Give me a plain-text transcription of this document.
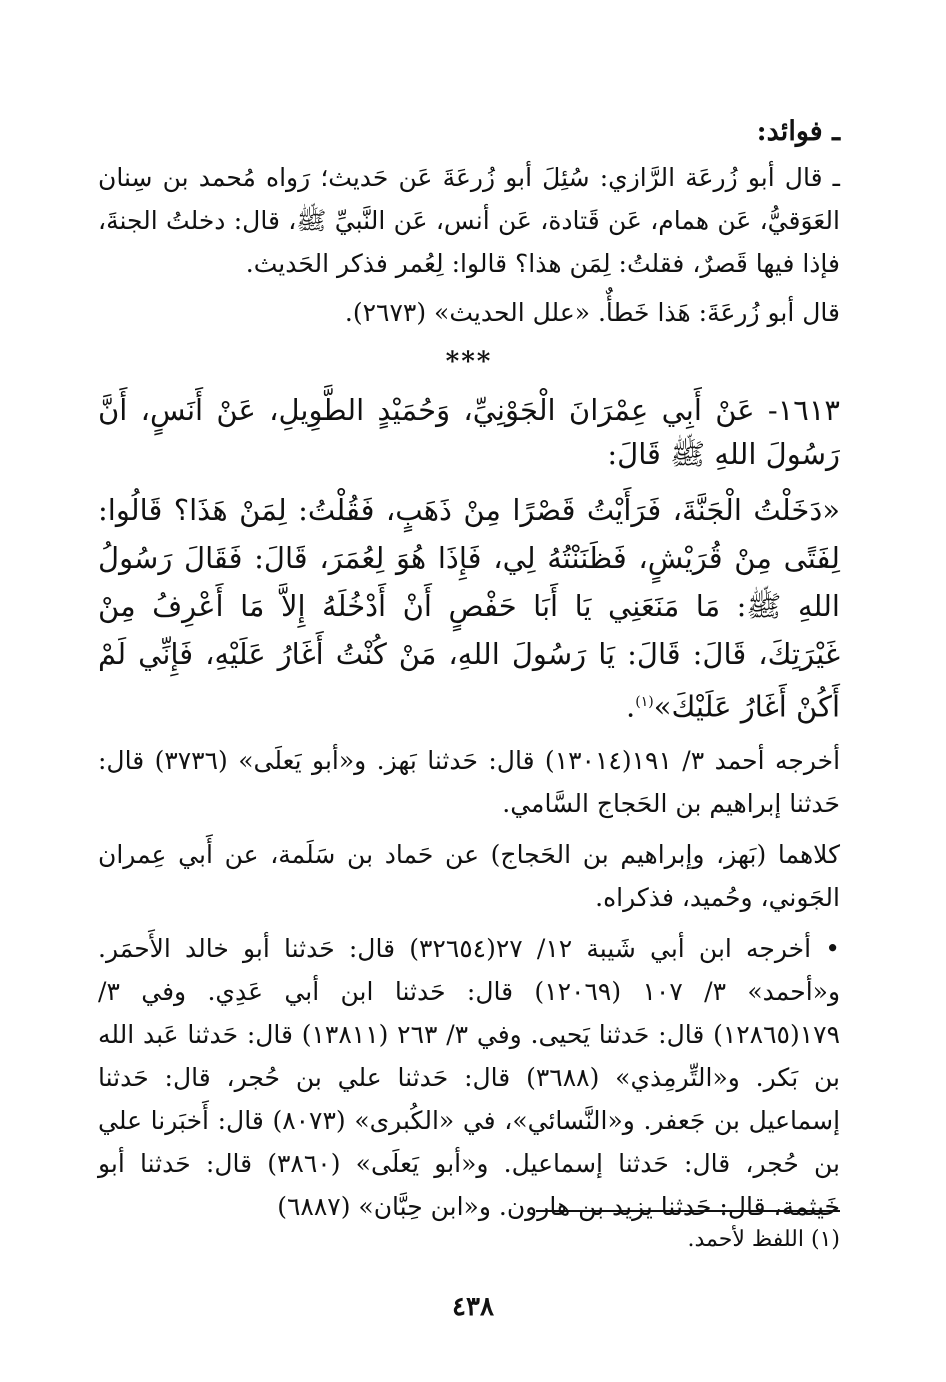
ـ فوائد:

ـ قال أبو زُرعَة الرَّازي: سُئِلَ أبو زُرعَةَ عَن حَديث؛ رَواه مُحمد بن سِنان العَوَقيُّ، عَن همام، عَن قَتادة، عَن أنس، عَن النَّبيِّ ﷺ، قال: دخلتُ الجنةَ، فإذا فيها قَصرٌ، فقلتُ: لِمَن هذا؟ قالوا: لِعُمر فذكر الحَديث.

قال أبو زُرعَةَ: هَذا خَطأٌ. «علل الحديث» (٢٦٧٣).

***

١٦١٣- عَنْ أَبِي عِمْرَانَ الْجَوْنِيِّ، وَحُمَيْدٍ الطَّوِيلِ، عَنْ أَنَسٍ، أَنَّ رَسُولَ اللهِ ﷺ قَالَ:

«دَخَلْتُ الْجَنَّةَ، فَرَأَيْتُ قَصْرًا مِنْ ذَهَبٍ، فَقُلْتُ: لِمَنْ هَذَا؟ قَالُوا: لِفَتًى مِنْ قُرَيْشٍ، فَظَنَنْتُهُ لِي، فَإِذَا هُوَ لِعُمَرَ، قَالَ: فَقَالَ رَسُولُ اللهِ ﷺ: مَا مَنَعَنِي يَا أَبَا حَفْصٍ أَنْ أَدْخُلَهُ إِلاَّ مَا أَعْرِفُ مِنْ غَيْرَتِكَ، قَالَ: قَالَ: يَا رَسُولَ اللهِ، مَنْ كُنْتُ أَغَارُ عَلَيْهِ، فَإِنِّي لَمْ أَكُنْ أَغَارُ عَلَيْكَ»$^{(١)}$.

أخرجه أحمد ٣/ ١٩١(١٣٠١٤) قال: حَدثنا بَهز. و«أبو يَعلَى» (٣٧٣٦) قال: حَدثنا إبراهيم بن الحَجاج السَّامي.

كلاهما (بَهز، وإبراهيم بن الحَجاج) عن حَماد بن سَلَمة، عن أَبي عِمران الجَوني، وحُميد، فذكراه.

• أخرجه ابن أبي شَيبة ١٢/ ٢٧(٣٢٦٥٤) قال: حَدثنا أبو خالد الأَحمَر. و«أحمد» ٣/ ١٠٧ (١٢٠٦٩) قال: حَدثنا ابن أبي عَدِي. وفي ٣/ ١٧٩(١٢٨٦٥) قال: حَدثنا يَحيى. وفي ٣/ ٢٦٣ (١٣٨١١) قال: حَدثنا عَبد الله بن بَكر. و«التِّرمِذي» (٣٦٨٨) قال: حَدثنا علي بن حُجر، قال: حَدثنا إسماعيل بن جَعفر. و«النَّسائي»، في «الكُبرى» (٨٠٧٣) قال: أَخبَرنا علي بن حُجر، قال: حَدثنا إسماعيل. و«أبو يَعلَى» (٣٨٦٠) قال: حَدثنا أبو خَيثمة، قال: حَدثنا يزيد بن هارون. و«ابن حِبَّان» (٦٨٨٧)

(١) اللفظ لأحمد.
٤٣٨
